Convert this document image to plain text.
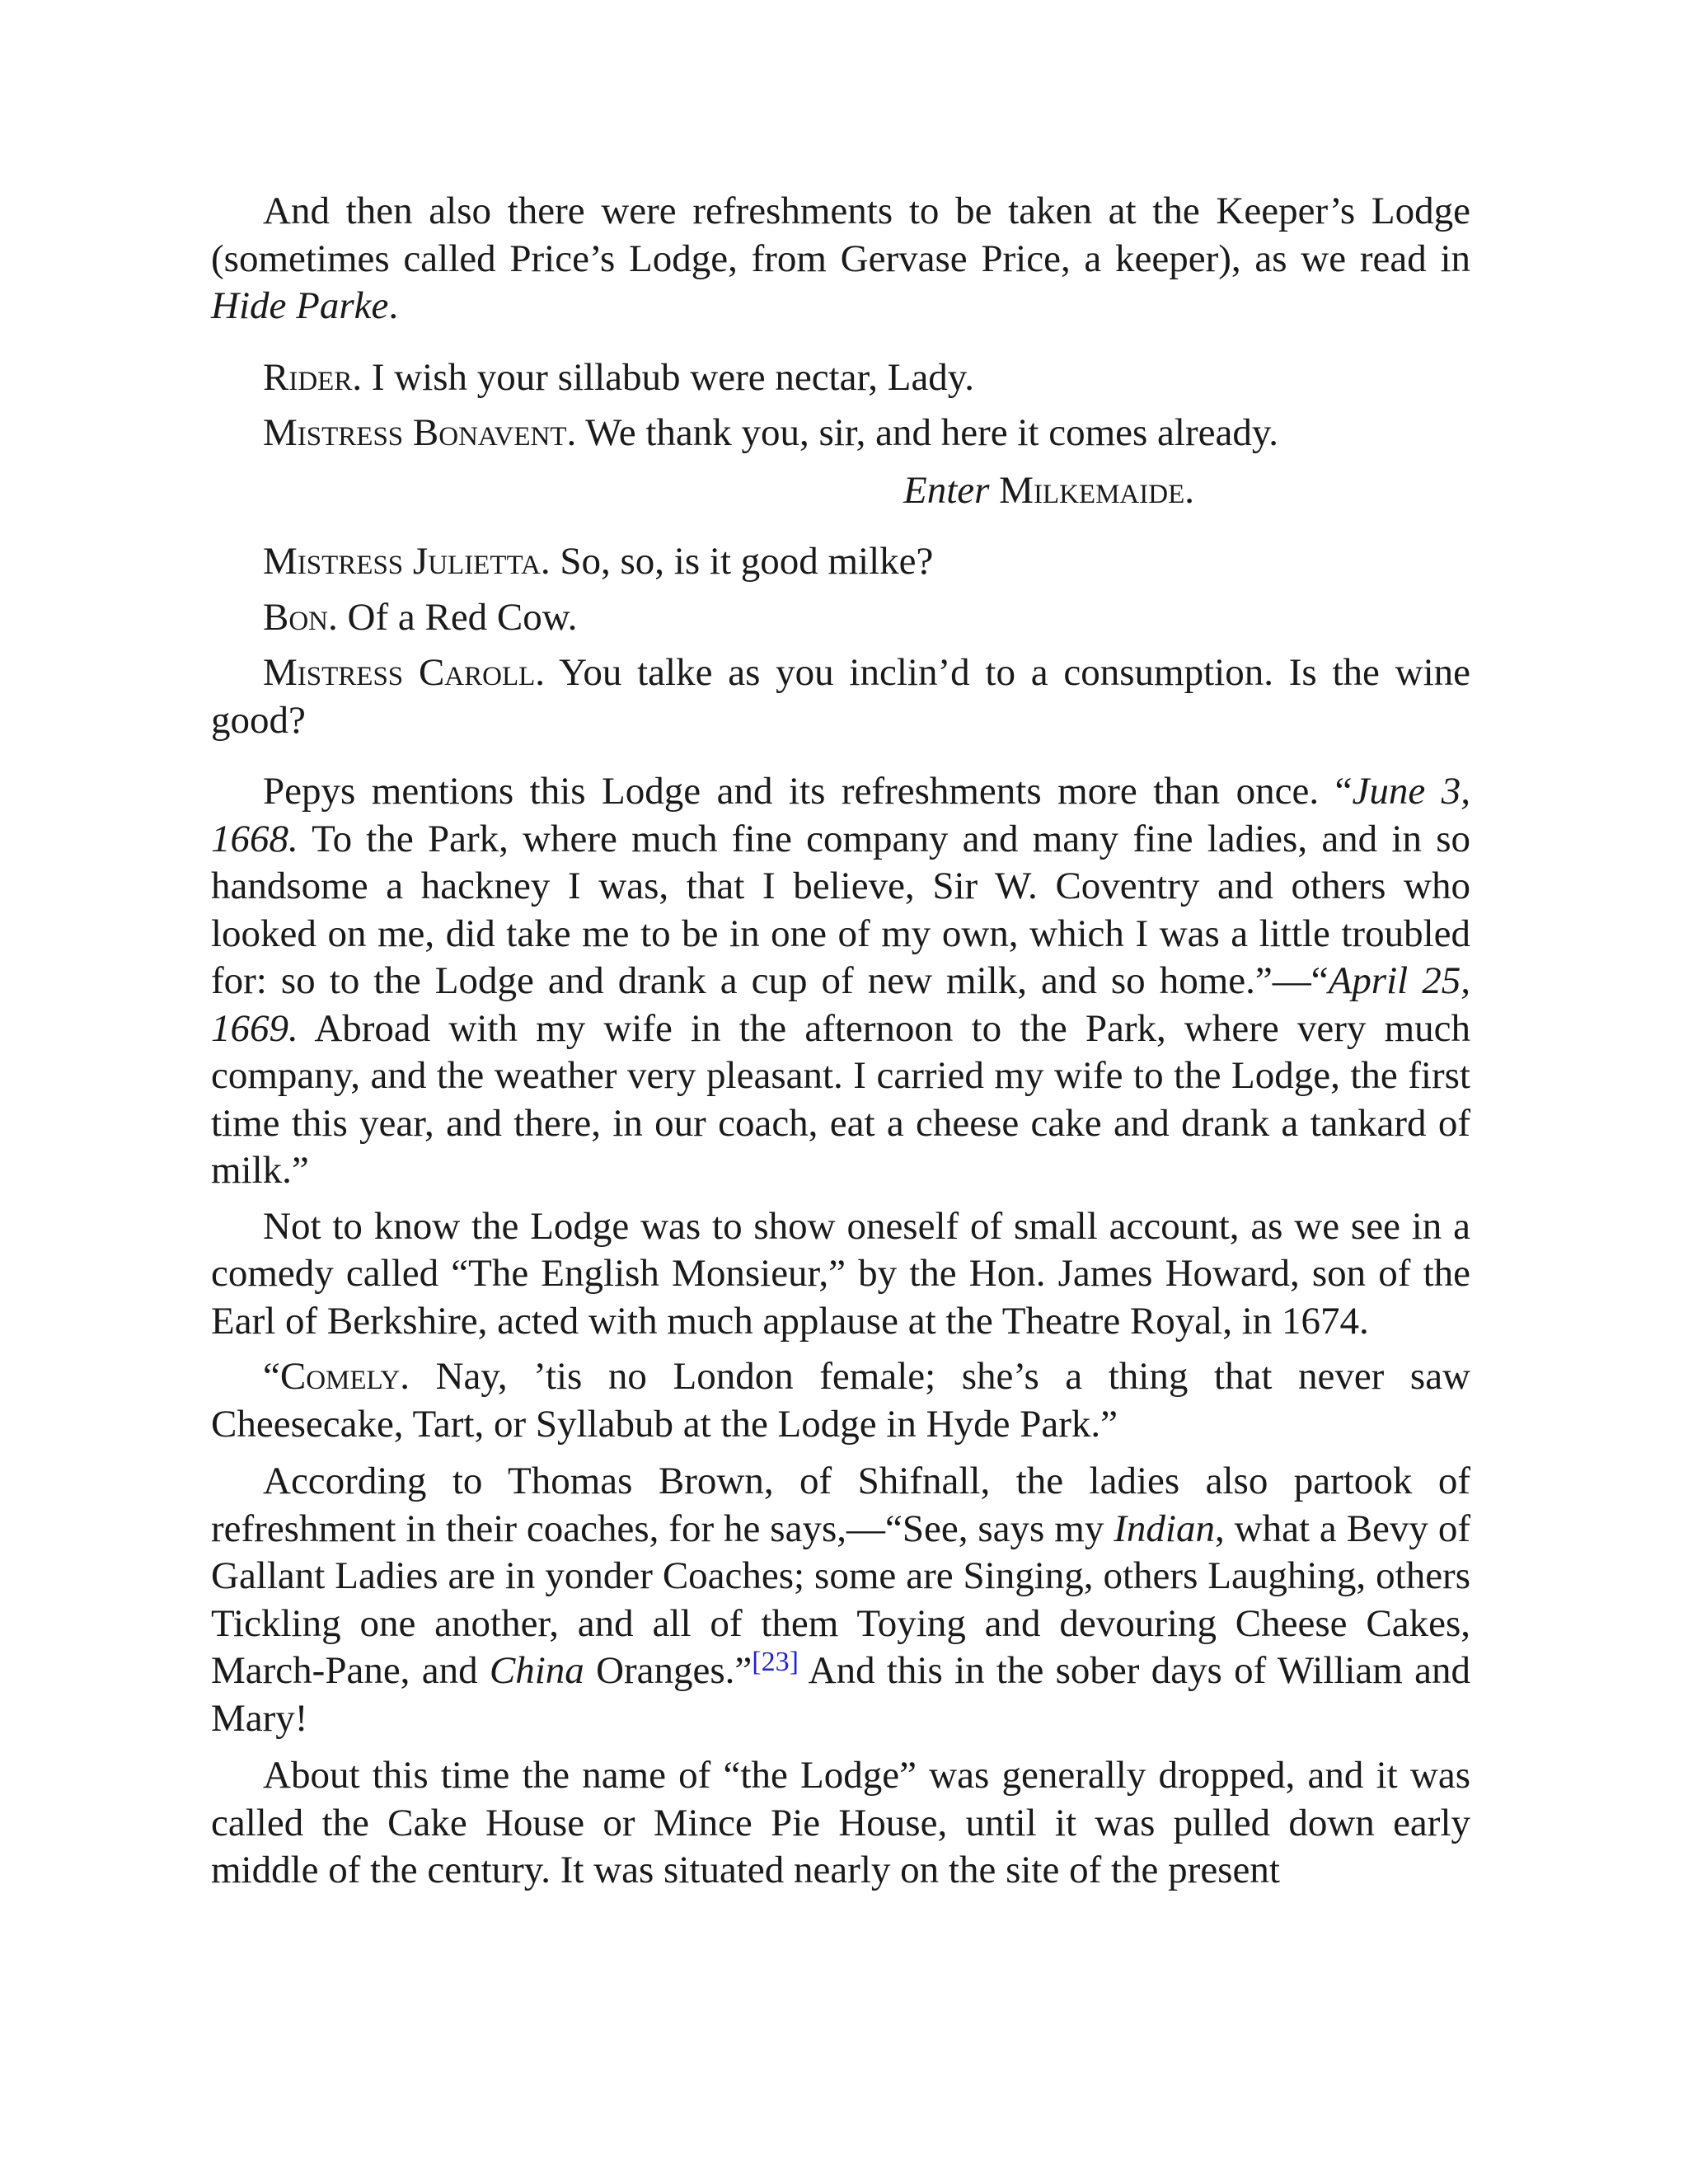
And then also there were refreshments to be taken at the Keeper’s Lodge (sometimes called Price’s Lodge, from Gervase Price, a keeper), as we read in Hide Parke.

Rider. I wish your sillabub were nectar, Lady.

Mistress Bonavent. We thank you, sir, and here it comes already.

Enter Milkemaide.

Mistress Julietta. So, so, is it good milke?

Bon. Of a Red Cow.

Mistress Caroll. You talke as you inclin’d to a consumption. Is the wine good?

Pepys mentions this Lodge and its refreshments more than once. “June 3, 1668. To the Park, where much fine company and many fine ladies, and in so handsome a hackney I was, that I believe, Sir W. Coventry and others who looked on me, did take me to be in one of my own, which I was a little troubled for: so to the Lodge and drank a cup of new milk, and so home.”—“April 25, 1669. Abroad with my wife in the afternoon to the Park, where very much company, and the weather very pleasant. I carried my wife to the Lodge, the first time this year, and there, in our coach, eat a cheese cake and drank a tankard of milk.”

Not to know the Lodge was to show oneself of small account, as we see in a comedy called “The English Monsieur,” by the Hon. James Howard, son of the Earl of Berkshire, acted with much applause at the Theatre Royal, in 1674.

“Comely. Nay, ’tis no London female; she’s a thing that never saw Cheesecake, Tart, or Syllabub at the Lodge in Hyde Park.”

According to Thomas Brown, of Shifnall, the ladies also partook of refreshment in their coaches, for he says,—“See, says my Indian, what a Bevy of Gallant Ladies are in yonder Coaches; some are Singing, others Laughing, others Tickling one another, and all of them Toying and devouring Cheese Cakes, March-Pane, and China Oranges.”[23] And this in the sober days of William and Mary!

About this time the name of “the Lodge” was generally dropped, and it was called the Cake House or Mince Pie House, until it was pulled down early middle of the century. It was situated nearly on the site of the present
